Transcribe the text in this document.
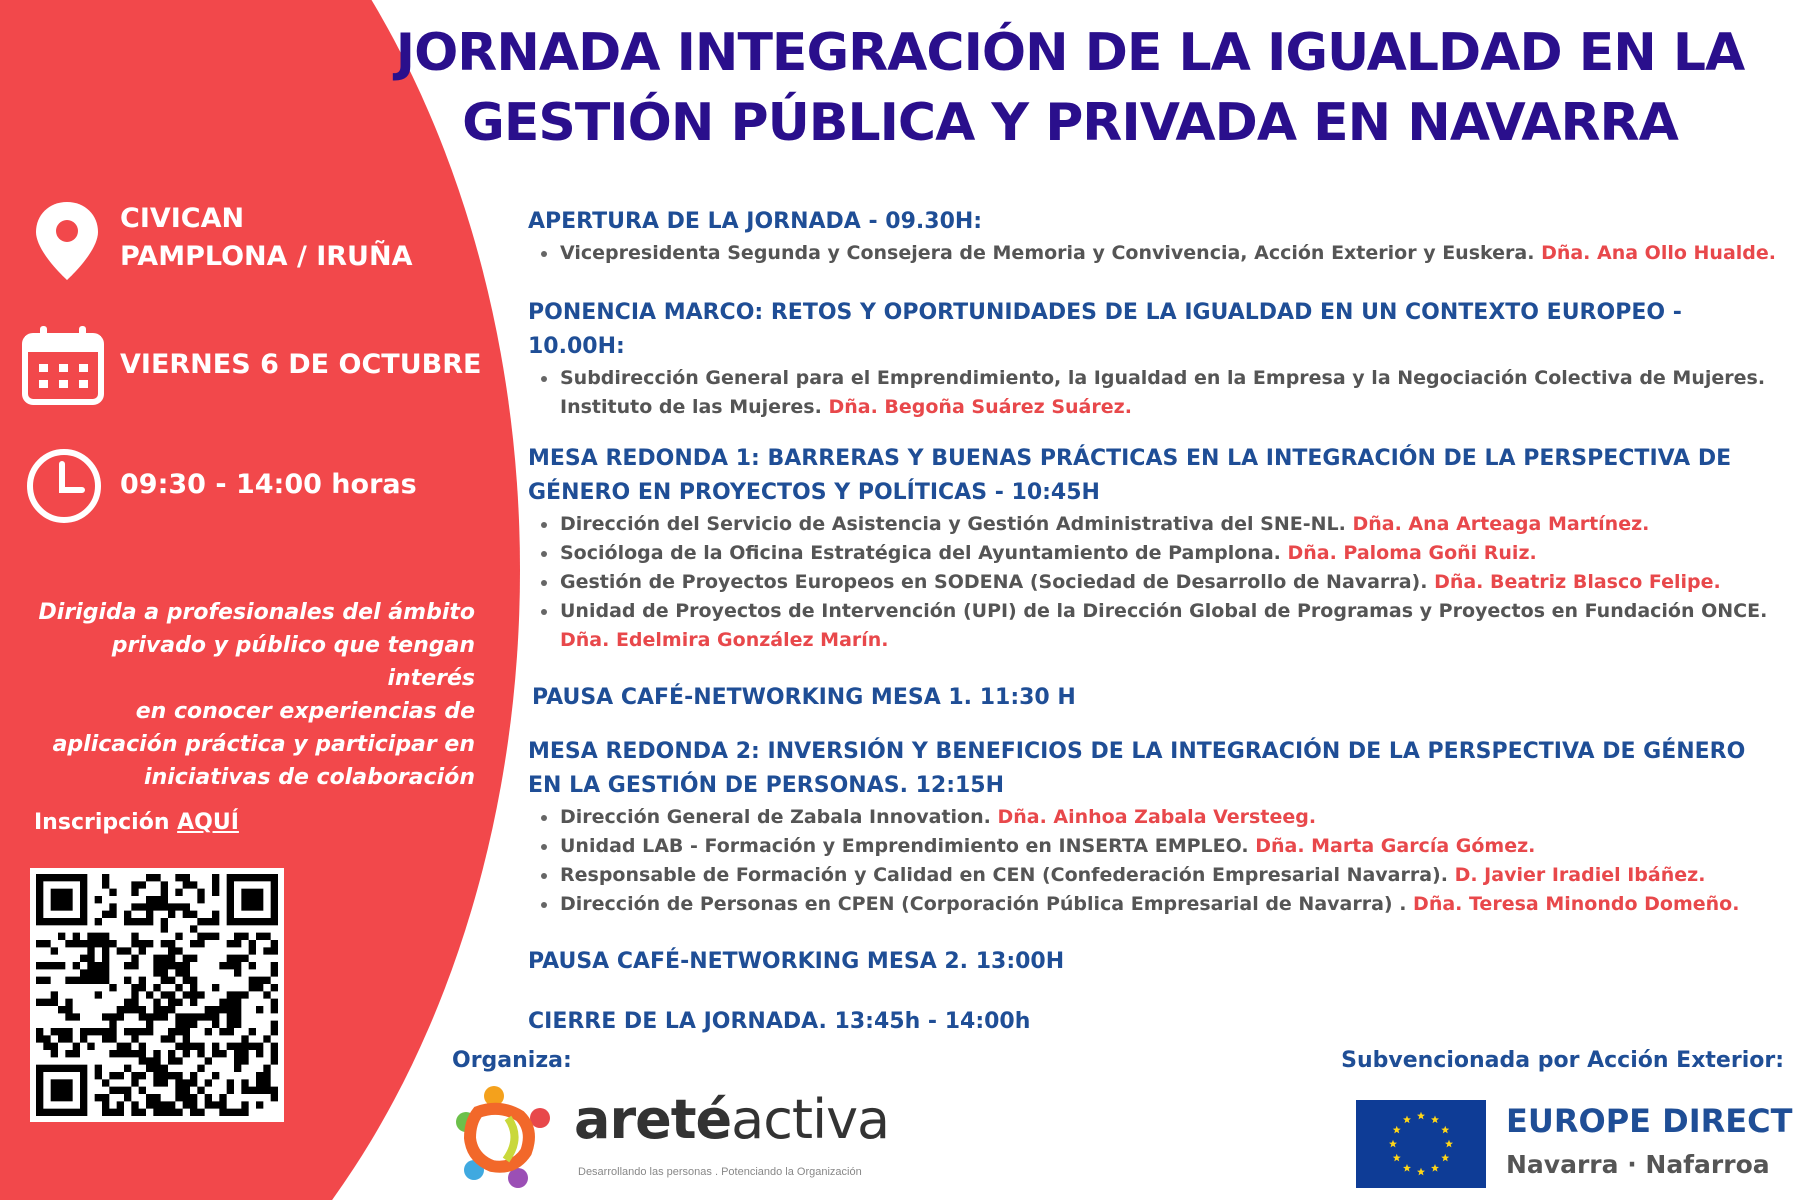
JORNADA INTEGRACIÓN DE LA IGUALDAD EN LA
GESTIÓN PÚBLICA Y PRIVADA EN NAVARRA
CIVICAN
PAMPLONA / IRUÑA
VIERNES 6 DE OCTUBRE
09:30 - 14:00 horas
Dirigida a profesionales del ámbito
privado y público que tengan interés
en conocer experiencias de
aplicación práctica y participar en
iniciativas de colaboración
Inscripción AQUÍ
APERTURA DE LA JORNADA - 09.30H:
Vicepresidenta Segunda y Consejera de Memoria y Convivencia, Acción Exterior y Euskera. Dña. Ana Ollo Hualde.
PONENCIA MARCO: RETOS Y OPORTUNIDADES DE LA IGUALDAD EN UN CONTEXTO EUROPEO - 10.00H:
Subdirección General para el Emprendimiento, la Igualdad en la Empresa y la Negociación Colectiva de Mujeres. Instituto de las Mujeres. Dña. Begoña Suárez Suárez.
MESA REDONDA 1: BARRERAS Y BUENAS PRÁCTICAS EN LA INTEGRACIÓN DE LA PERSPECTIVA DE GÉNERO EN PROYECTOS Y POLÍTICAS - 10:45H
Dirección del Servicio de Asistencia y Gestión Administrativa del SNE-NL. Dña. Ana Arteaga Martínez.
Socióloga de la Oficina Estratégica del Ayuntamiento de Pamplona. Dña. Paloma Goñi Ruiz.
Gestión de Proyectos Europeos en SODENA (Sociedad de Desarrollo de Navarra). Dña. Beatriz Blasco Felipe.
Unidad de Proyectos de Intervención (UPI) de la Dirección Global de Programas y Proyectos en Fundación ONCE. Dña. Edelmira González Marín.
PAUSA CAFÉ-NETWORKING MESA 1. 11:30 H
MESA REDONDA 2: INVERSIÓN Y BENEFICIOS DE LA INTEGRACIÓN DE LA PERSPECTIVA DE GÉNERO EN LA GESTIÓN DE PERSONAS. 12:15H
Dirección General de Zabala Innovation. Dña. Ainhoa Zabala Versteeg.
Unidad LAB - Formación y Emprendimiento en INSERTA EMPLEO. Dña. Marta García Gómez.
Responsable de Formación y Calidad en CEN (Confederación Empresarial Navarra). D. Javier Iradiel Ibáñez.
Dirección de Personas en CPEN (Corporación Pública Empresarial de Navarra) . Dña. Teresa Minondo Domeño.
PAUSA CAFÉ-NETWORKING MESA 2. 13:00H
CIERRE DE LA JORNADA. 13:45h - 14:00h
Organiza:
aretéactiva
Desarrollando las personas . Potenciando la Organización
Subvencionada por Acción Exterior:
EUROPE DIRECT
Navarra · Nafarroa
